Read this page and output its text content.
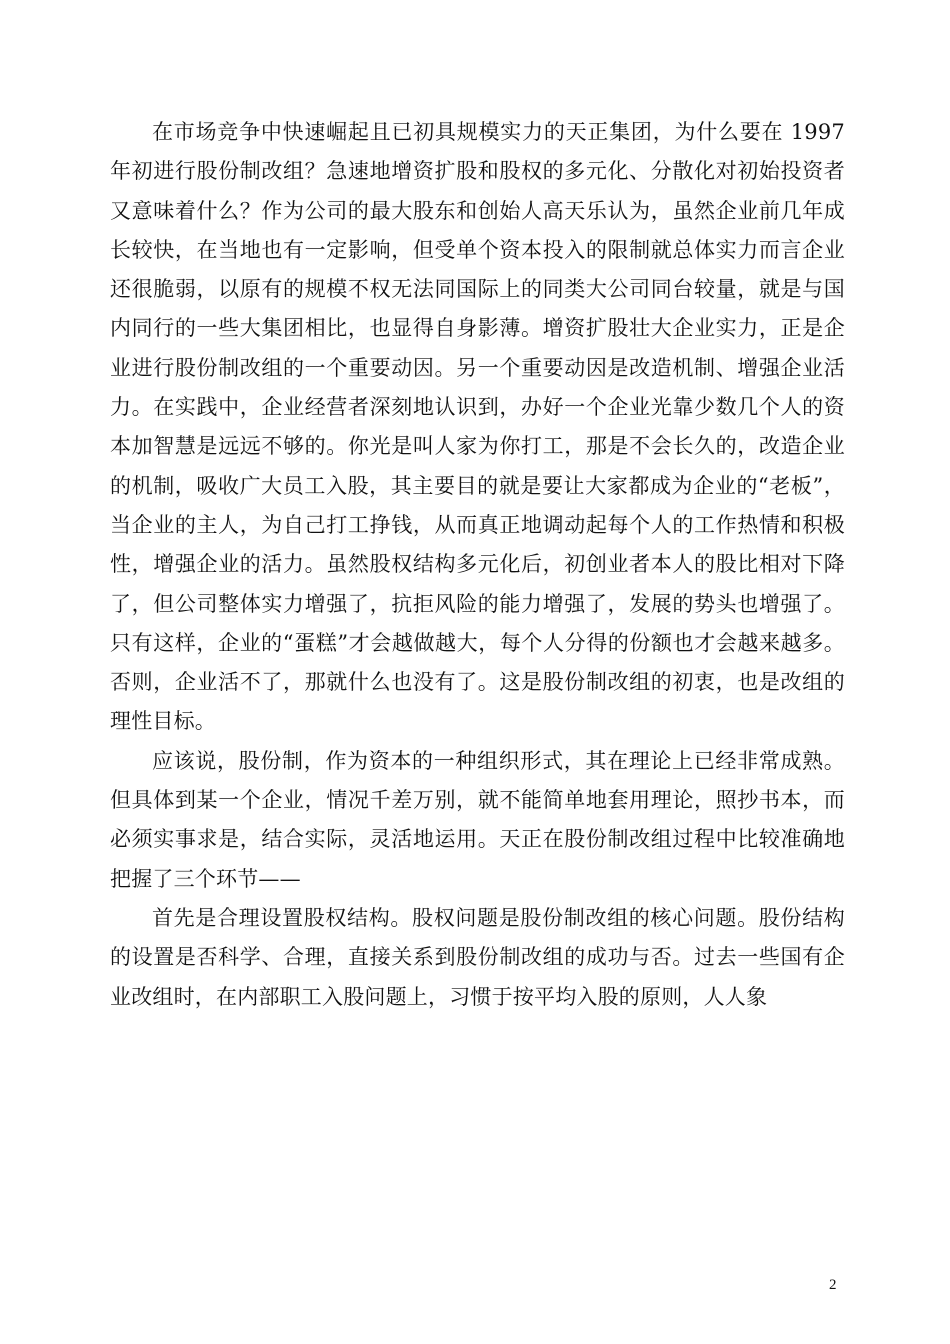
在市场竞争中快速崛起且已初具规模实力的天正集团，为什么要在 1997 年初进行股份制改组？急速地增资扩股和股权的多元化、分散化对初始投资者又意味着什么？作为公司的最大股东和创始人高天乐认为，虽然企业前几年成长较快，在当地也有一定影响，但受单个资本投入的限制就总体实力而言企业还很脆弱，以原有的规模不权无法同国际上的同类大公司同台较量，就是与国内同行的一些大集团相比，也显得自身影薄。增资扩股壮大企业实力，正是企业进行股份制改组的一个重要动因。另一个重要动因是改造机制、增强企业活力。在实践中，企业经营者深刻地认识到，办好一个企业光靠少数几个人的资本加智慧是远远不够的。你光是叫人家为你打工，那是不会长久的，改造企业的机制，吸收广大员工入股，其主要目的就是要让大家都成为企业的“老板”，当企业的主人，为自己打工挣钱，从而真正地调动起每个人的工作热情和积极性，增强企业的活力。虽然股权结构多元化后，初创业者本人的股比相对下降了，但公司整体实力增强了，抗拒风险的能力增强了，发展的势头也增强了。只有这样，企业的“蛋糕”才会越做越大，每个人分得的份额也才会越来越多。否则，企业活不了，那就什么也没有了。这是股份制改组的初衷，也是改组的理性目标。

应该说，股份制，作为资本的一种组织形式，其在理论上已经非常成熟。但具体到某一个企业，情况千差万别，就不能简单地套用理论，照抄书本，而必须实事求是，结合实际，灵活地运用。天正在股份制改组过程中比较准确地把握了三个环节——

首先是合理设置股权结构。股权问题是股份制改组的核心问题。股份结构的设置是否科学、合理，直接关系到股份制改组的成功与否。过去一些国有企业改组时，在内部职工入股问题上，习惯于按平均入股的原则，人人象

2
